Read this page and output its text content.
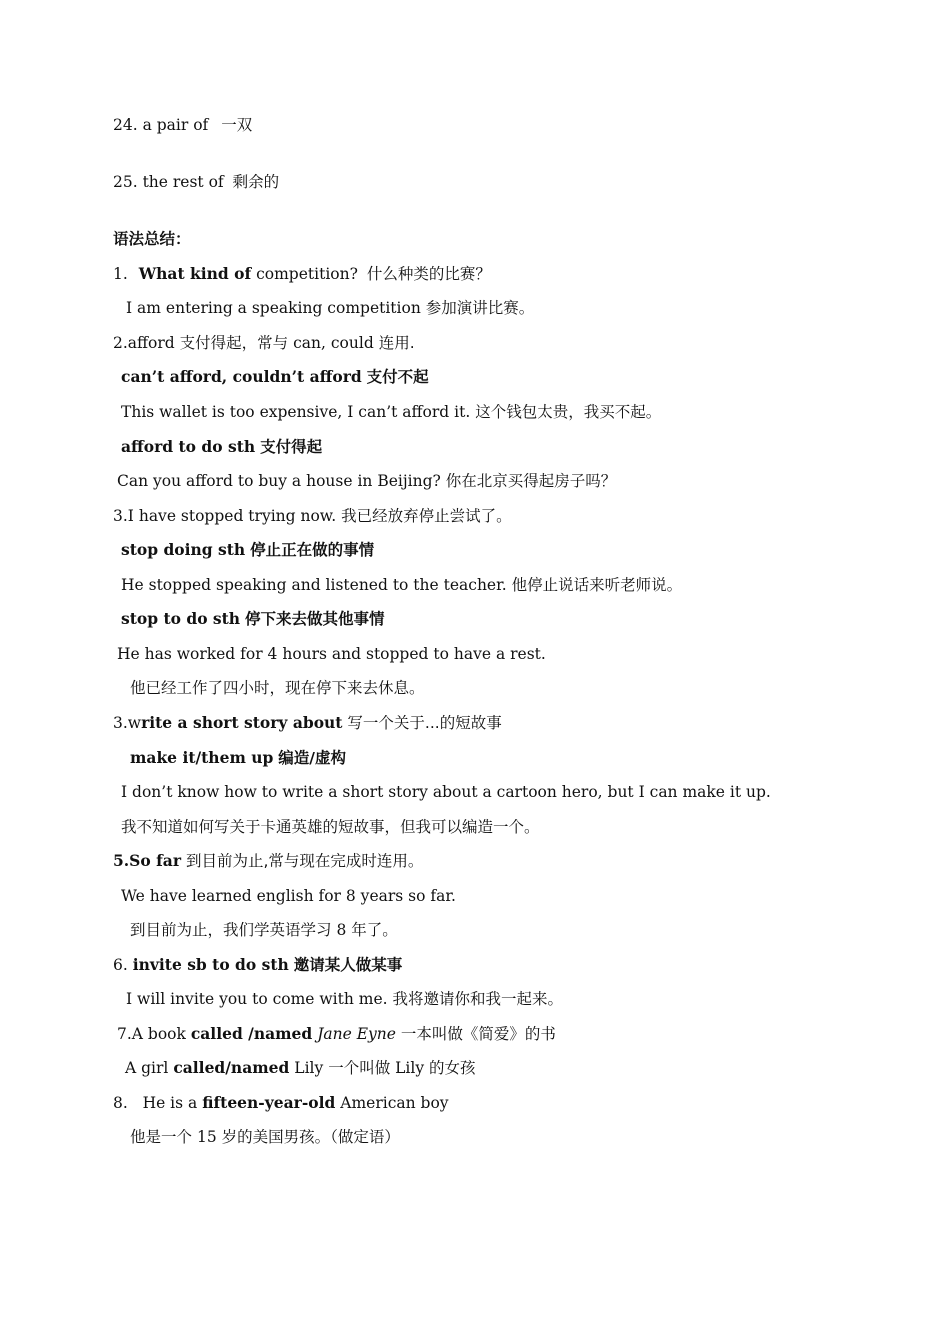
24. a pair of 一双
25. the rest of 剩余的
语法总结：
1. What kind of competition? 什么种类的比赛？
I am entering a speaking competition 参加演讲比赛。
2.afford 支付得起，常与 can, could 连用.
can’t afford, couldn’t afford 支付不起
This wallet is too expensive, I can’t afford it. 这个钱包太贵，我买不起。
afford to do sth 支付得起
Can you afford to buy a house in Beijing? 你在北京买得起房子吗？
3.I have stopped trying now. 我已经放弃停止尝试了。
stop doing sth 停止正在做的事情
He stopped speaking and listened to the teacher. 他停止说话来听老师说。
stop to do sth 停下来去做其他事情
He has worked for 4 hours and stopped to have a rest.
他已经工作了四小时，现在停下来去休息。
3.write a short story about 写一个关于...的短故事
make it/them up 编造/虚构
I don’t know how to write a short story about a cartoon hero, but I can make it up.
我不知道如何写关于卡通英雄的短故事，但我可以编造一个。
5.So far 到目前为止,常与现在完成时连用。
We have learned english for 8 years so far.
到目前为止，我们学英语学习 8 年了。
6. invite sb to do sth 邀请某人做某事
I will invite you to come with me. 我将邀请你和我一起来。
7.A book called /named Jane Eyne 一本叫做《简爱》的书
A girl called/named Lily 一个叫做 Lily 的女孩
8.   He is a fifteen-year-old American boy
他是一个 15 岁的美国男孩。（做定语）
